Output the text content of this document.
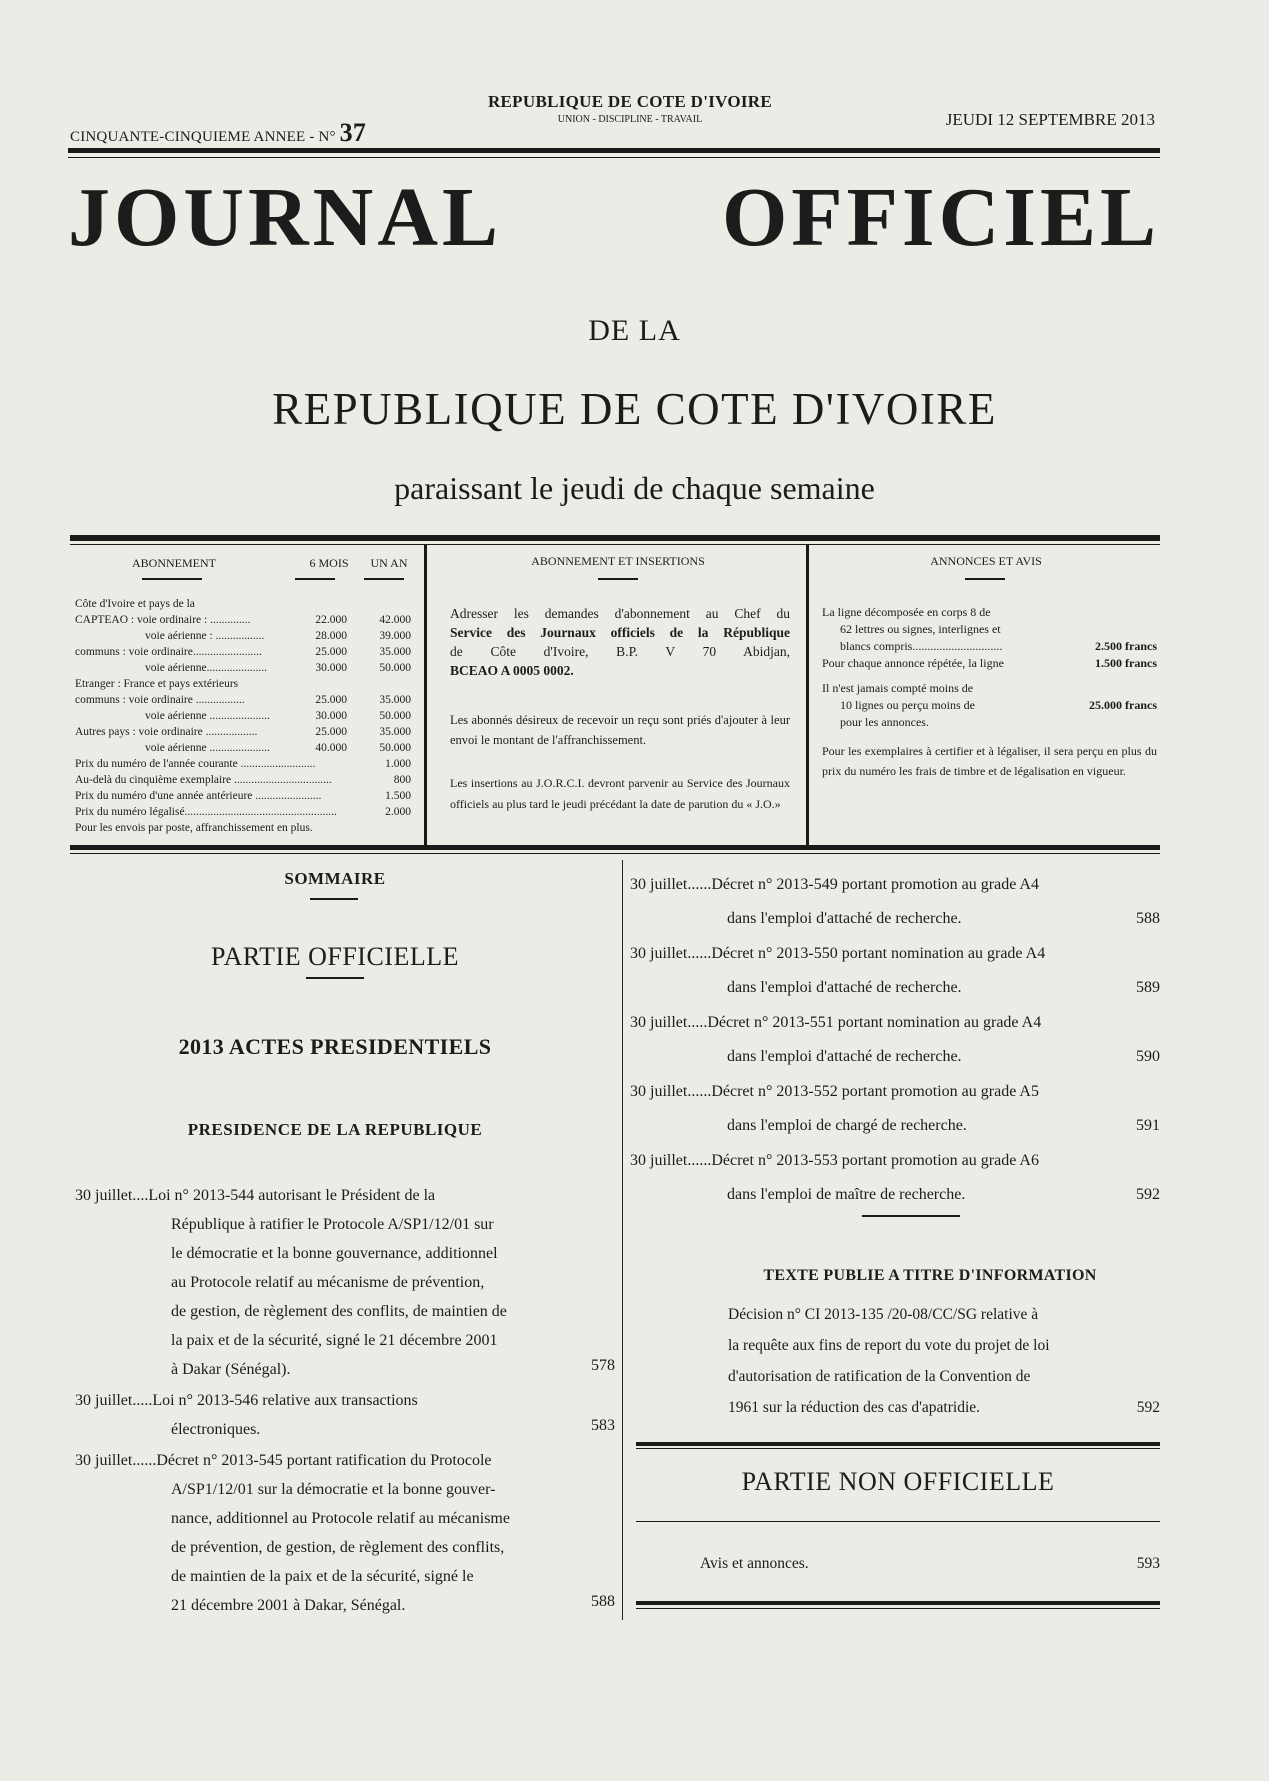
CINQUANTE-CINQUIEME ANNEE - N° 37
REPUBLIQUE DE COTE D'IVOIRE
UNION - DISCIPLINE - TRAVAIL	JEUDI 12 SEPTEMBRE 2013
JOURNAL	OFFICIEL
DE LA
REPUBLIQUE DE COTE D'IVOIRE
paraissant le jeudi de chaque semaine
ABONNEMENT	6 MOIS	UN AN
Côte d'Ivoire et pays de la
CAPTEAO : voie ordinaire : ..............	22.000	42.000
voie aérienne : .................	28.000	39.000
communs : voie ordinaire........................	25.000	35.000
voie aérienne.....................	30.000	50.000
Etranger : France et pays extérieurs
communs : voie ordinaire .................	25.000	35.000
voie aérienne .....................	30.000	50.000
Autres pays : voie ordinaire ..................	25.000	35.000
voie aérienne .....................	40.000	50.000
Prix du numéro de l'année courante ..........................	1.000
Au-delà du cinquième exemplaire ..................................	800
Prix du numéro d'une année antérieure .......................	1.500
Prix du numéro légalisé.....................................................	2.000
Pour les envois par poste, affranchissement en plus.
ABONNEMENT ET INSERTIONS
Adresser les demandes d'abonnement au Chef du
Service des Journaux officiels de la République
de Côte d'Ivoire, B.P. V 70 Abidjan,
BCEAO A 0005 0002.
Les abonnés désireux de recevoir un reçu sont priés d'ajouter à leur envoi le montant de l'affranchissement.
Les insertions au J.O.R.C.I. devront parvenir au Service des Journaux officiels au plus tard le jeudi précédant la date de parution du « J.O.»
ANNONCES ET AVIS
La ligne décomposée en corps 8 de
62 lettres ou signes, interlignes et
blancs compris..............................	2.500 francs
Pour chaque annonce répétée, la ligne	1.500 francs
Il n'est jamais compté moins de
10 lignes ou perçu moins de	25.000 francs
pour les annonces.
Pour les exemplaires à certifier et à légaliser, il sera perçu en plus du prix du numéro les frais de timbre et de légalisation en vigueur.
SOMMAIRE
PARTIE OFFICIELLE
2013 ACTES PRESIDENTIELS
PRESIDENCE DE LA REPUBLIQUE
30 juillet....Loi n° 2013-544 autorisant le Président de la
République à ratifier le Protocole A/SP1/12/01 sur
le démocratie et la bonne gouvernance, additionnel
au Protocole relatif au mécanisme de prévention,
de gestion, de règlement des conflits, de maintien de
la paix et de la sécurité, signé le 21 décembre 2001
à Dakar (Sénégal).	578
30 juillet.....Loi n° 2013-546 relative aux transactions
électroniques.	583
30 juillet......Décret n° 2013-545 portant ratification du Protocole
A/SP1/12/01 sur la démocratie et la bonne gouver-
nance, additionnel au Protocole relatif au mécanisme
de prévention, de gestion, de règlement des conflits,
de maintien de la paix et de la sécurité, signé le
21 décembre 2001 à Dakar, Sénégal.	588
30 juillet......Décret n° 2013-549 portant promotion au grade A4
dans l'emploi d'attaché de recherche.	588
30 juillet......Décret n° 2013-550 portant nomination au grade A4
dans l'emploi d'attaché de recherche.	589
30 juillet.....Décret n° 2013-551 portant nomination au grade A4
dans l'emploi d'attaché de recherche.	590
30 juillet......Décret n° 2013-552 portant promotion au grade A5
dans l'emploi de chargé de recherche.	591
30 juillet......Décret n° 2013-553 portant promotion au grade A6
dans l'emploi de maître de recherche.	592
TEXTE PUBLIE A TITRE D'INFORMATION
Décision n° CI 2013-135 /20-08/CC/SG relative à
la requête aux fins de report du vote du projet de loi
d'autorisation de ratification de la Convention de
1961 sur la réduction des cas d'apatridie.	592
PARTIE NON OFFICIELLE
Avis et annonces.	593
